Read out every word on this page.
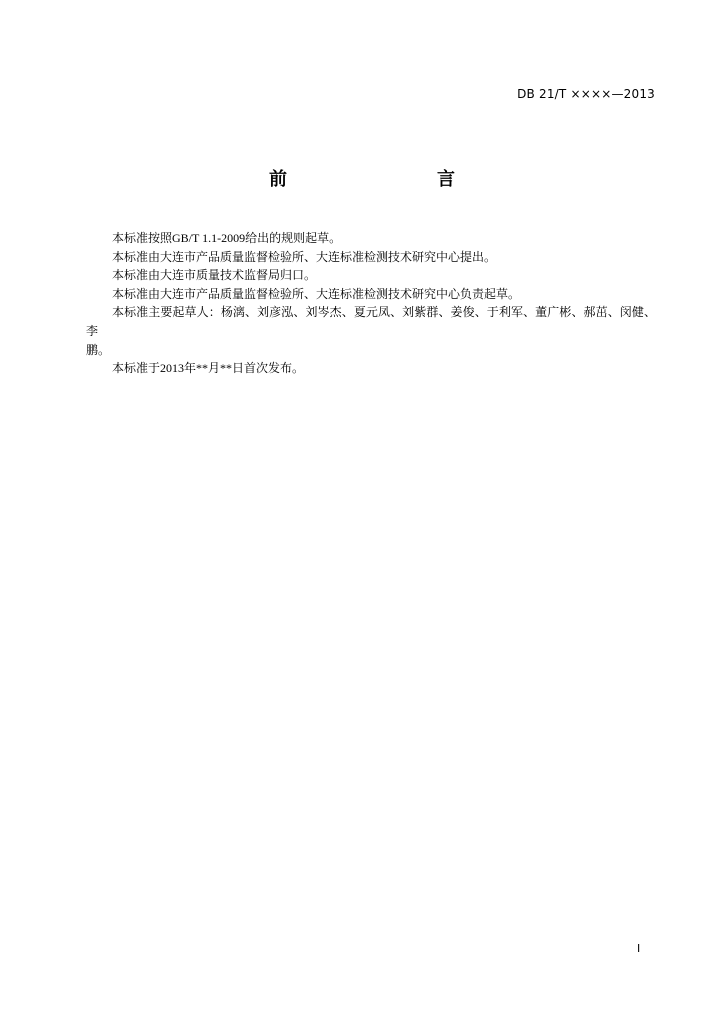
DB 21/T ××××—2013
前　　言

本标准按照GB/T 1.1-2009给出的规则起草。

本标准由大连市产品质量监督检验所、大连标准检测技术研究中心提出。

本标准由大连市质量技术监督局归口。

本标准由大连市产品质量监督检验所、大连标准检测技术研究中心负责起草。

本标准主要起草人：杨漓、刘彦泓、刘岑杰、夏元凤、刘紫群、姜俊、于利军、董广彬、郝茁、闵健、李
鹏。

本标准于2013年**月**日首次发布。

I
